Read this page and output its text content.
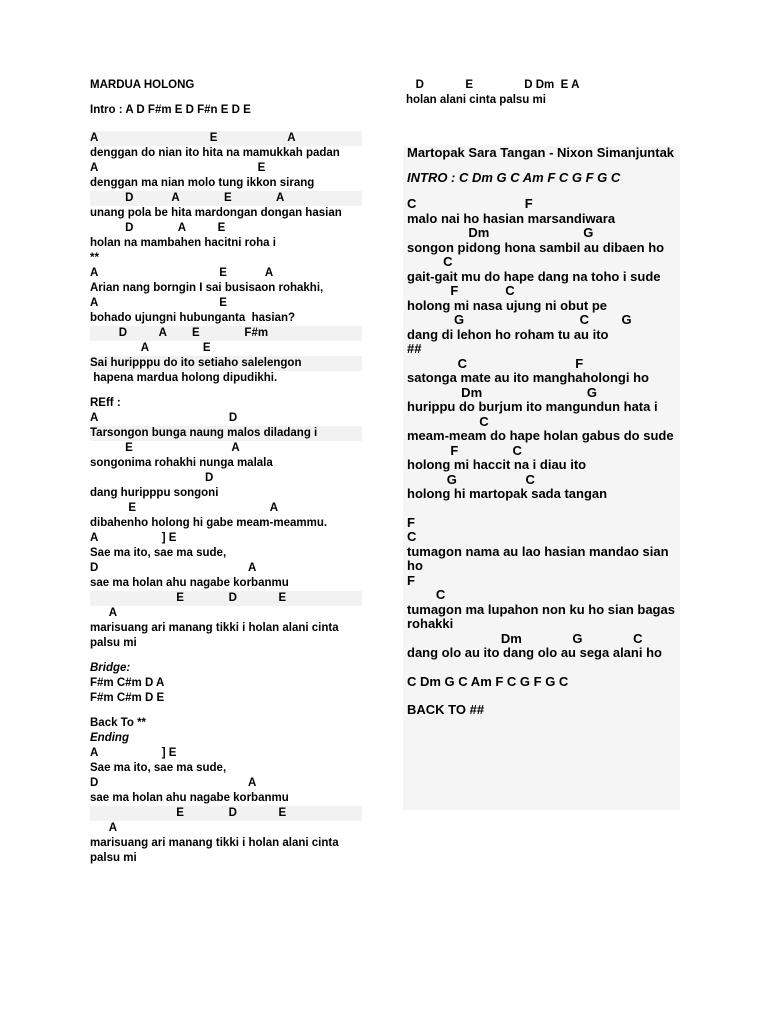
MARDUA HOLONG
Intro : A D F#m E D F#n E D E
A                                   E                      A
denggan do nian ito hita na mamukkah padan
A                                                  E
denggan ma nian molo tung ikkon sirang
D            A              E              A
unang pola be hita mardongan dongan hasian
D              A          E
holan na mambahen hacitni roha i
**
A                                      E            A
Arian nang borngin I sai busisaon rohakhi,
A                                      E
bohado ujungni hubunganta  hasian?
D          A        E              F#m
A                 E
Sai huripppu do ito setiaho salelengon
hapena mardua holong dipudikhi.
REff :
A                                         D
Tarsongon bunga naung malos diladang i
E                               A
songonima rohakhi nunga malala
D
dang huripppu songoni
E                                          A
dibahenho holong hi gabe meam-meammu.
A                    ] E
Sae ma ito, sae ma sude,
D                                               A
sae ma holan ahu nagabe korbanmu
E              D             E
A
marisuang ari manang tikki i holan alani cinta palsu mi
Bridge:
F#m C#m D A
F#m C#m D E
Back To **
Ending
A                    ] E
Sae ma ito, sae ma sude,
D                                               A
sae ma holan ahu nagabe korbanmu
E              D             E
A
marisuang ari manang tikki i holan alani cinta palsu mi
D             E                D Dm  E A
holan alani cinta palsu mi
Martopak Sara Tangan - Nixon Simanjuntak
INTRO : C Dm G C Am F C G F G C
C                              F
malo nai ho hasian marsandiwara
Dm                          G
songon pidong hona sambil au dibaen ho
C
gait-gait mu do hape dang na toho i sude
F             C
holong mi nasa ujung ni obut pe
G                                C         G
dang di lehon ho roham tu au ito
##
C                              F
satonga mate au ito manghaholongi ho
Dm                             G
hurippu do burjum ito mangundun hata i
C
meam-meam do hape holan gabus do sude
F               C
holong mi haccit na i diau ito
G                   C
holong hi martopak sada tangan
F
C
tumagon nama au lao hasian mandao sian ho
F
C
tumagon ma lupahon non ku ho sian bagas rohakki
Dm              G              C
dang olo au ito dang olo au sega alani ho
C Dm G C Am F C G F G C
BACK TO ##
